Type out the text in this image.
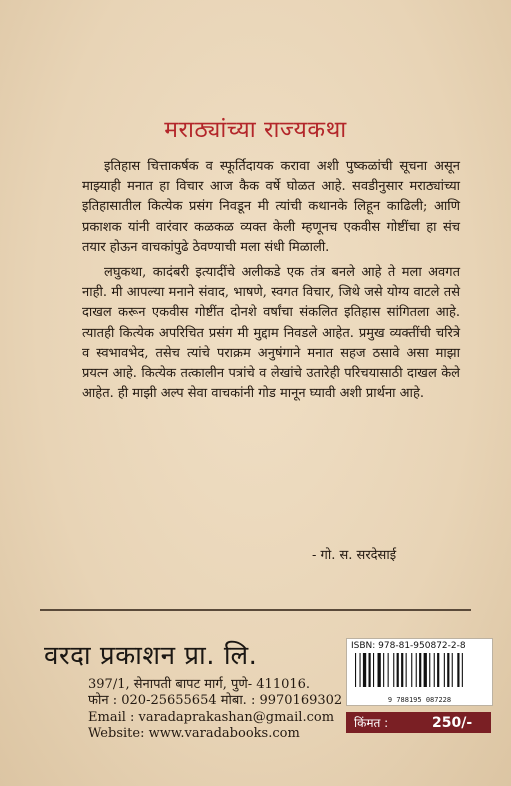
मराठ्यांच्या राज्यकथा

इतिहास चित्ताकर्षक व स्फूर्तिदायक करावा अशी पुष्कळांची सूचना असून माझ्याही मनात हा विचार आज कैक वर्षे घोळत आहे. सवडीनुसार मराठ्यांच्या इतिहासातील कित्येक प्रसंग निवडून मी त्यांची कथानके लिहून काढिली; आणि प्रकाशक यांनी वारंवार कळकळ व्यक्त केली म्हणूनच एकवीस गोष्टींचा हा संच तयार होऊन वाचकांपुढे ठेवण्याची मला संधी मिळाली.

लघुकथा, कादंबरी इत्यादींचे अलीकडे एक तंत्र बनले आहे ते मला अवगत नाही. मी आपल्या मनाने संवाद, भाषणे, स्वगत विचार, जिथे जसे योग्य वाटले तसे दाखल करून एकवीस गोष्टींत दोनशे वर्षांचा संकलित इतिहास सांगितला आहे. त्यातही कित्येक अपरिचित प्रसंग मी मुद्दाम निवडले आहेत. प्रमुख व्यक्तींची चरित्रे व स्वभावभेद, तसेच त्यांचे पराक्रम अनुषंगाने मनात सहज ठसावे असा माझा प्रयत्न आहे. कित्येक तत्कालीन पत्रांचे व लेखांचे उतारेही परिचयासाठी दाखल केले आहेत. ही माझी अल्प सेवा वाचकांनी गोड मानून घ्यावी अशी प्रार्थना आहे.

- गो. स. सरदेसाई
वरदा प्रकाशन प्रा. लि.
397/1, सेनापती बापट मार्ग, पुणे- 411016.
फोन : 020-25655654 मोबा. : 9970169302
Email : varadaprakashan@gmail.com
Website: www.varadabooks.com
ISBN: 978-81-950872-2-8
9 788195 087228
किंमत :	250/-
